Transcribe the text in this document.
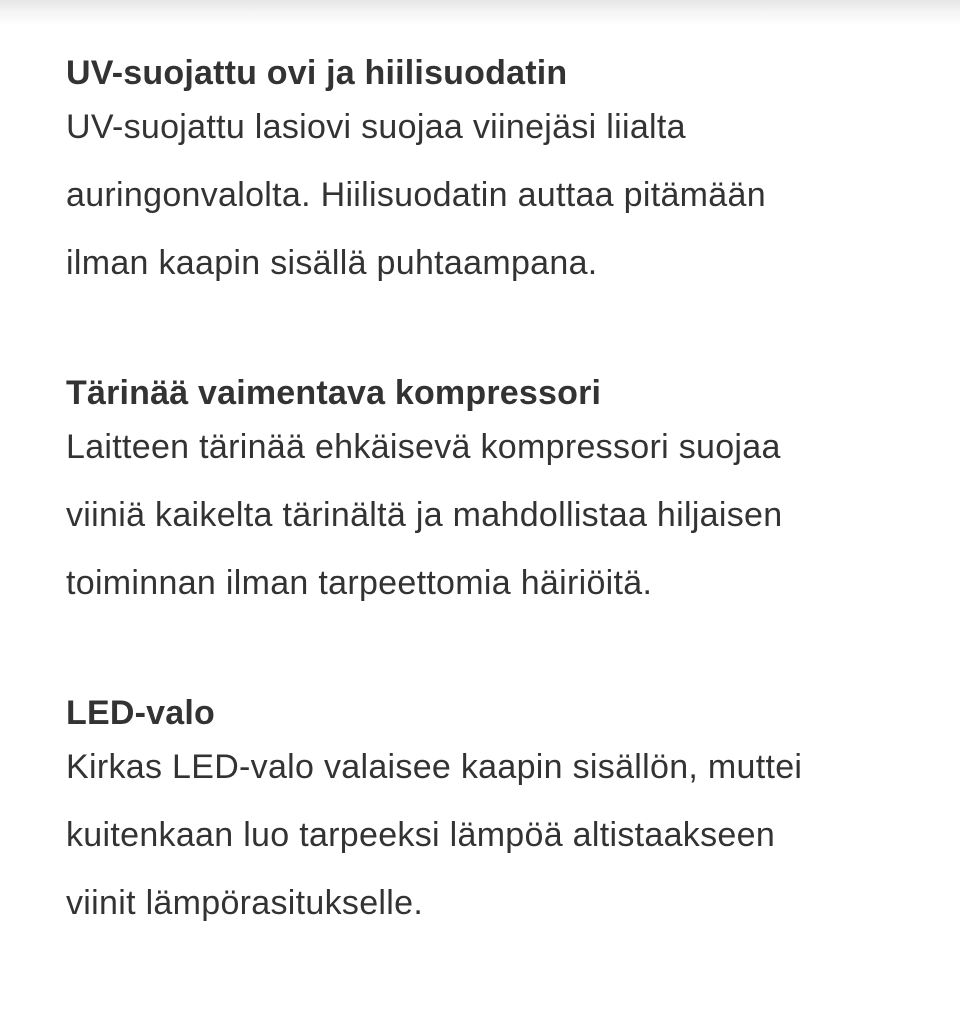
UV-suojattu ovi ja hiilisuodatin

UV-suojattu lasiovi suojaa viinejäsi liialta
auringonvalolta. Hiilisuodatin auttaa pitämään
ilman kaapin sisällä puhtaampana.

Tärinää vaimentava kompressori

Laitteen tärinää ehkäisevä kompressori suojaa
viiniä kaikelta tärinältä ja mahdollistaa hiljaisen
toiminnan ilman tarpeettomia häiriöitä.

LED-valo

Kirkas LED-valo valaisee kaapin sisällön, muttei
kuitenkaan luo tarpeeksi lämpöä altistaakseen
viinit lämpörasitukselle.
